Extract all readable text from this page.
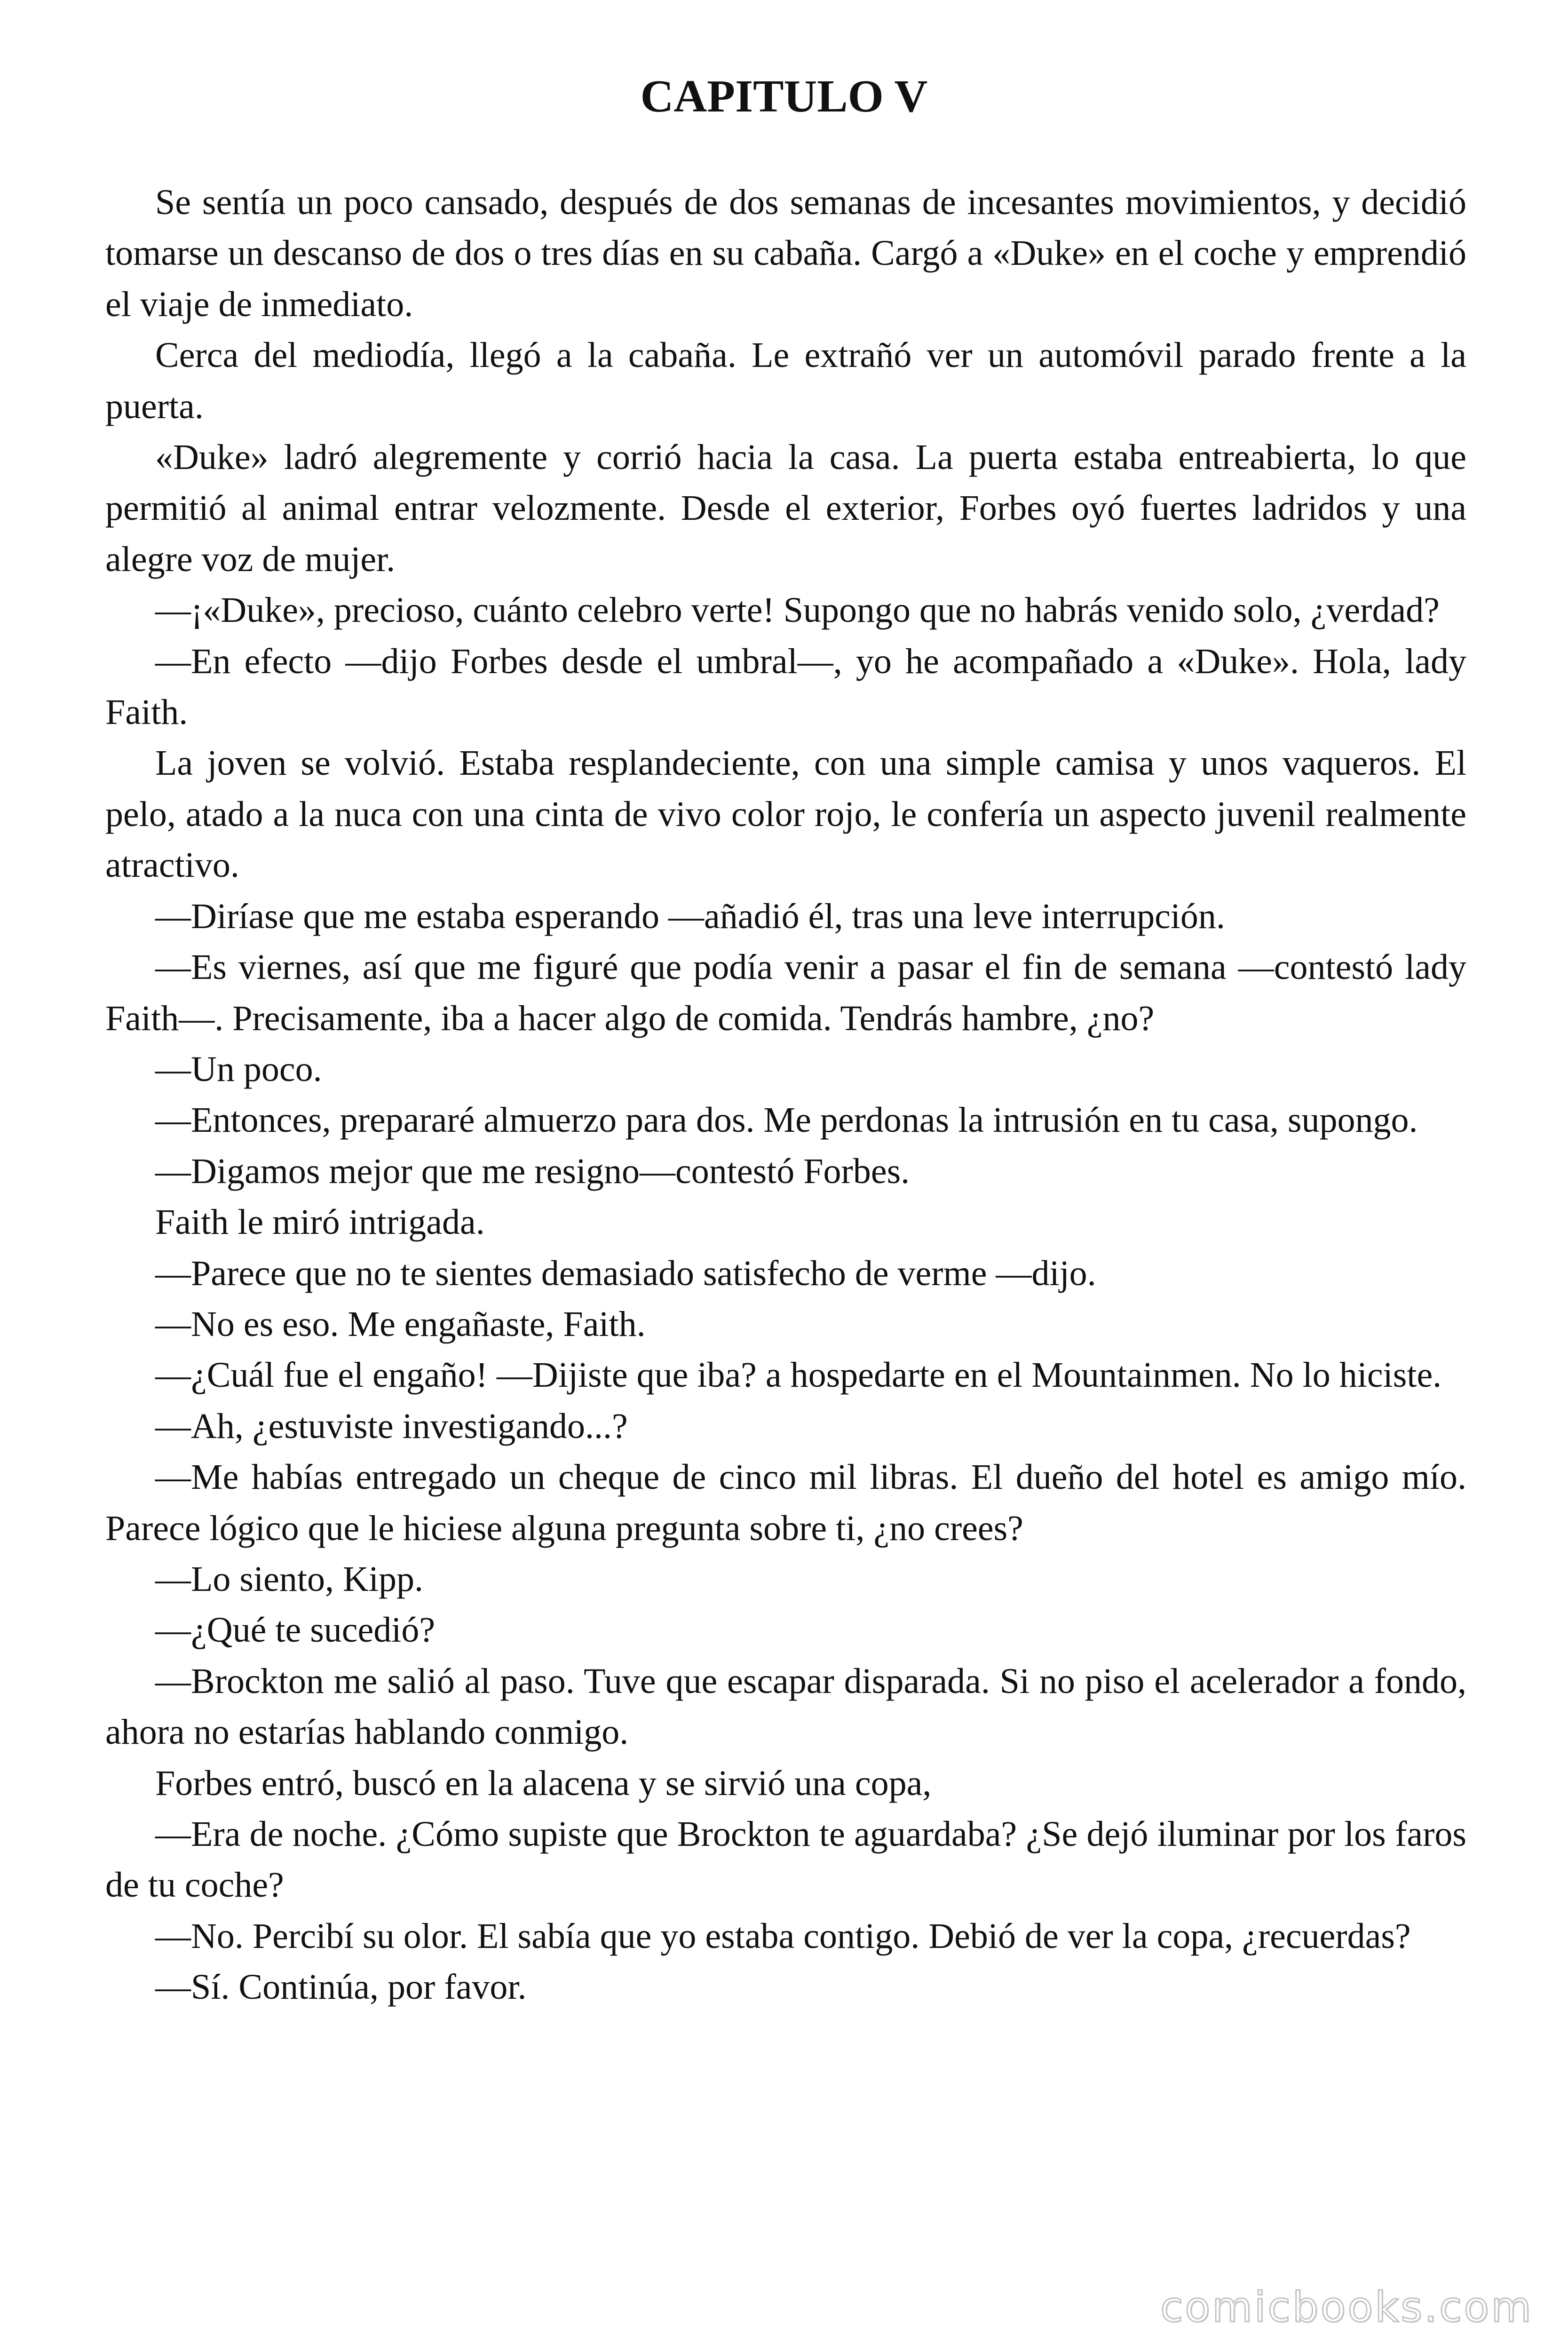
CAPITULO V

Se sentía un poco cansado, después de dos semanas de incesantes movimientos, y decidió tomarse un descanso de dos o tres días en su cabaña. Cargó a «Duke» en el coche y emprendió el viaje de inmediato.

Cerca del mediodía, llegó a la cabaña. Le extrañó ver un automóvil parado frente a la puerta.

«Duke» ladró alegremente y corrió hacia la casa. La puerta estaba entreabierta, lo que permitió al animal entrar velozmente. Desde el exterior, Forbes oyó fuertes ladridos y una alegre voz de mujer.

—¡«Duke», precioso, cuánto celebro verte! Supongo que no habrás venido solo, ¿verdad?

—En efecto —dijo Forbes desde el umbral—, yo he acompañado a «Duke». Hola, lady Faith.

La joven se volvió. Estaba resplandeciente, con una simple camisa y unos vaqueros. El pelo, atado a la nuca con una cinta de vivo color rojo, le confería un aspecto juvenil realmente atractivo.

—Diríase que me estaba esperando —añadió él, tras una leve interrupción.

—Es viernes, así que me figuré que podía venir a pasar el fin de semana —contestó lady Faith—. Precisamente, iba a hacer algo de comida. Tendrás hambre, ¿no?

—Un poco.

—Entonces, prepararé almuerzo para dos. Me perdonas la intrusión en tu casa, supongo.

—Digamos mejor que me resigno—contestó Forbes.

Faith le miró intrigada.

—Parece que no te sientes demasiado satisfecho de verme —dijo.

—No es eso. Me engañaste, Faith.

—¿Cuál fue el engaño! —Dijiste que iba? a hospedarte en el Mountainmen. No lo hiciste.

—Ah, ¿estuviste investigando...?

—Me habías entregado un cheque de cinco mil libras. El dueño del hotel es amigo mío. Parece lógico que le hiciese alguna pregunta sobre ti, ¿no crees?

—Lo siento, Kipp.

—¿Qué te sucedió?

—Brockton me salió al paso. Tuve que escapar disparada. Si no piso el acelerador a fondo, ahora no estarías hablando conmigo.

Forbes entró, buscó en la alacena y se sirvió una copa,

—Era de noche. ¿Cómo supiste que Brockton te aguardaba? ¿Se dejó iluminar por los faros de tu coche?

—No. Percibí su olor. El sabía que yo estaba contigo. Debió de ver la copa, ¿recuerdas?

—Sí. Continúa, por favor.

comicbooks.com
